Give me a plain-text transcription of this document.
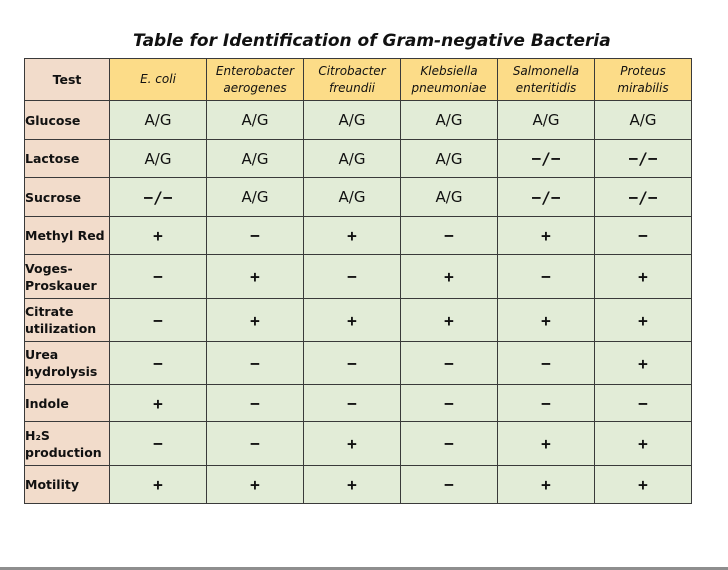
Table for Identification of Gram-negative Bacteria
Test	E. coli	Enterobacter aerogenes	Citrobacter freundii	Klebsiella pneumoniae	Salmonella enteritidis	Proteus mirabilis
Glucose	A/G	A/G	A/G	A/G	A/G	A/G
Lactose	A/G	A/G	A/G	A/G	−/−	−/−
Sucrose	−/−	A/G	A/G	A/G	−/−	−/−
Methyl Red	+	−	+	−	+	−
Voges-Proskauer	−	+	−	+	−	+
Citrate utilization	−	+	+	+	+	+
Urea hydrolysis	−	−	−	−	−	+
Indole	+	−	−	−	−	−
H₂S production	−	−	+	−	+	+
Motility	+	+	+	−	+	+
